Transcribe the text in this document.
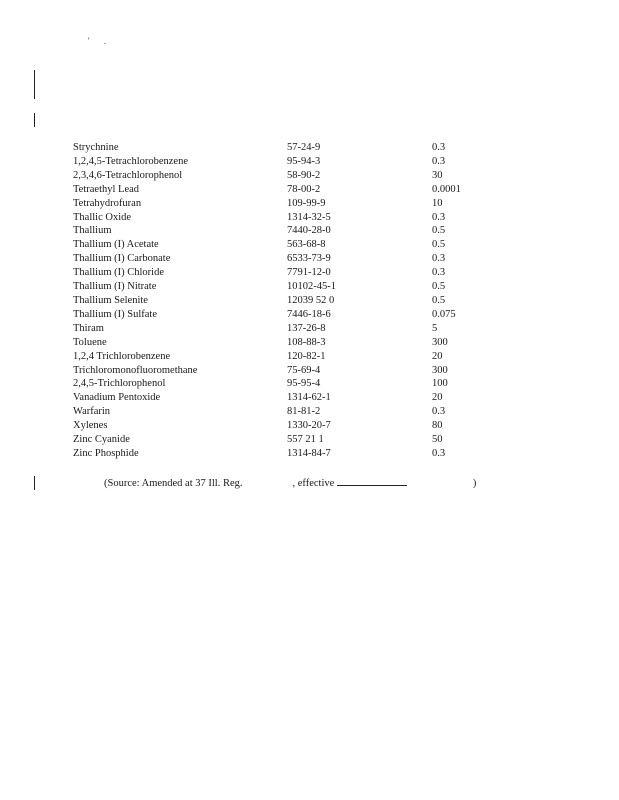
' .
Strychnine	57-24-9	0.3
1,2,4,5-Tetrachlorobenzene	95-94-3	0.3
2,3,4,6-Tetrachlorophenol	58-90-2	30
Tetraethyl Lead	78-00-2	0.0001
Tetrahydrofuran	109-99-9	10
Thallic Oxide	1314-32-5	0.3
Thallium	7440-28-0	0.5
Thallium (I) Acetate	563-68-8	0.5
Thallium (I) Carbonate	6533-73-9	0.3
Thallium (I) Chloride	7791-12-0	0.3
Thallium (I) Nitrate	10102-45-1	0.5
Thallium Selenite	12039 52 0	0.5
Thallium (I) Sulfate	7446-18-6	0.075
Thiram	137-26-8	5
Toluene	108-88-3	300
1,2,4 Trichlorobenzene	120-82-1	20
Trichloromonofluoromethane	75-69-4	300
2,4,5-Trichlorophenol	95-95-4	100
Vanadium Pentoxide	1314-62-1	20
Warfarin	81-81-2	0.3
Xylenes	1330-20-7	80
Zinc Cyanide	557 21 1	50
Zinc Phosphide	1314-84-7	0.3
(Source: Amended at 37 Ill. Reg.	, effective	)
